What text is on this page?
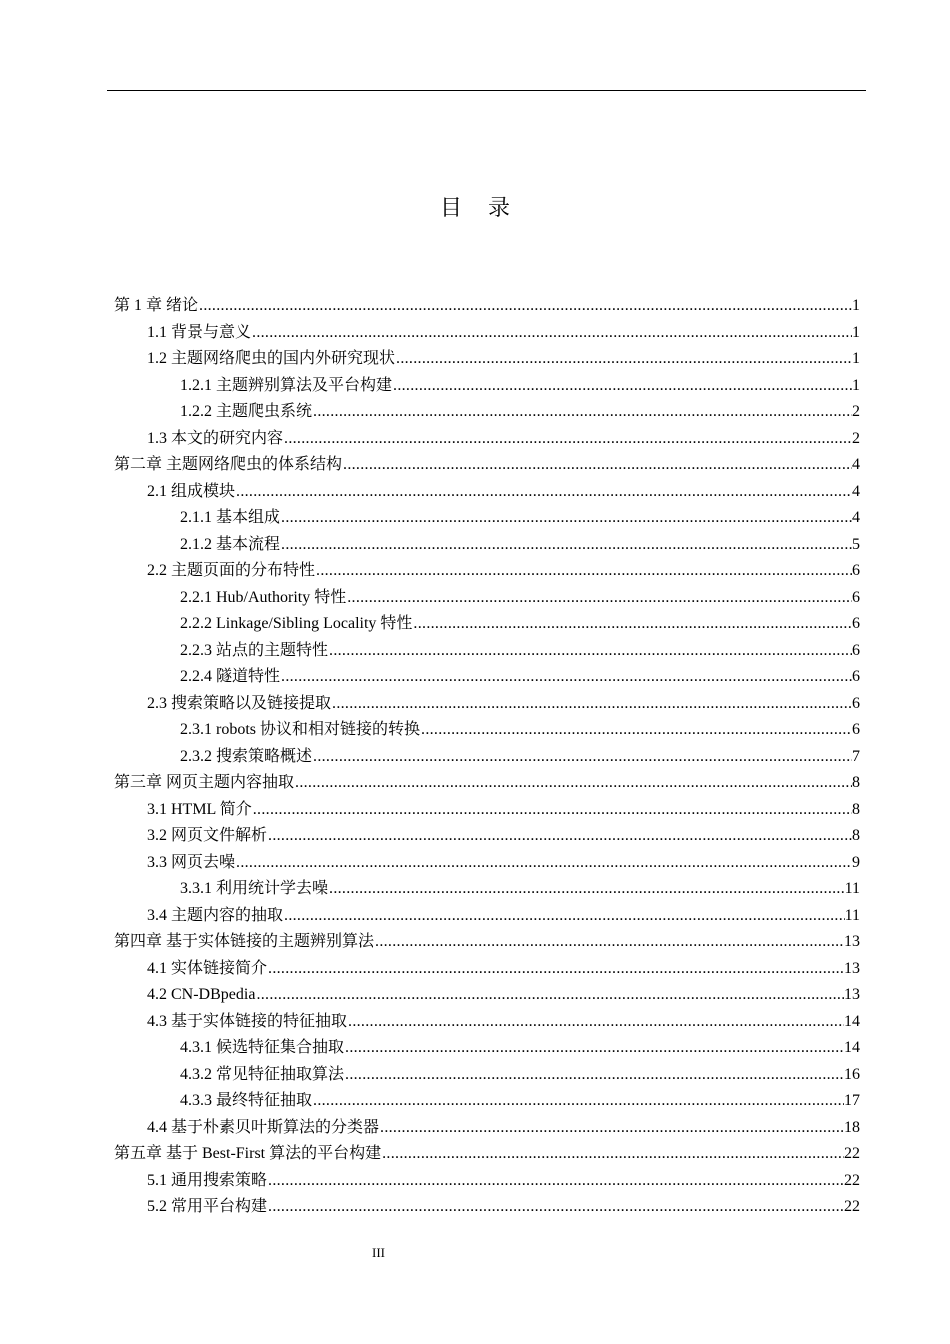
目录
第 1 章 绪论 .....	1
1.1 背景与意义 .....	1
1.2 主题网络爬虫的国内外研究现状 .....	1
1.2.1 主题辨别算法及平台构建 .....	1
1.2.2 主题爬虫系统 .....	2
1.3 本文的研究内容 .....	2
第二章 主题网络爬虫的体系结构 .....	4
2.1 组成模块 .....	4
2.1.1 基本组成 .....	4
2.1.2 基本流程 .....	5
2.2 主题页面的分布特性 .....	6
2.2.1 Hub/Authority 特性 .....	6
2.2.2 Linkage/Sibling Locality 特性 .....	6
2.2.3 站点的主题特性 .....	6
2.2.4 隧道特性 .....	6
2.3 搜索策略以及链接提取 .....	6
2.3.1 robots 协议和相对链接的转换 .....	6
2.3.2 搜索策略概述 .....	7
第三章 网页主题内容抽取 .....	8
3.1 HTML 简介 .....	8
3.2 网页文件解析 .....	8
3.3 网页去噪 .....	9
3.3.1 利用统计学去噪 .....	11
3.4 主题内容的抽取 .....	11
第四章 基于实体链接的主题辨别算法 .....	13
4.1 实体链接简介 .....	13
4.2 CN-DBpedia .....	13
4.3 基于实体链接的特征抽取 .....	14
4.3.1 候选特征集合抽取 .....	14
4.3.2 常见特征抽取算法 .....	16
4.3.3 最终特征抽取 .....	17
4.4 基于朴素贝叶斯算法的分类器 .....	18
第五章 基于 Best-First 算法的平台构建 .....	22
5.1 通用搜索策略 .....	22
5.2 常用平台构建 .....	22
III
